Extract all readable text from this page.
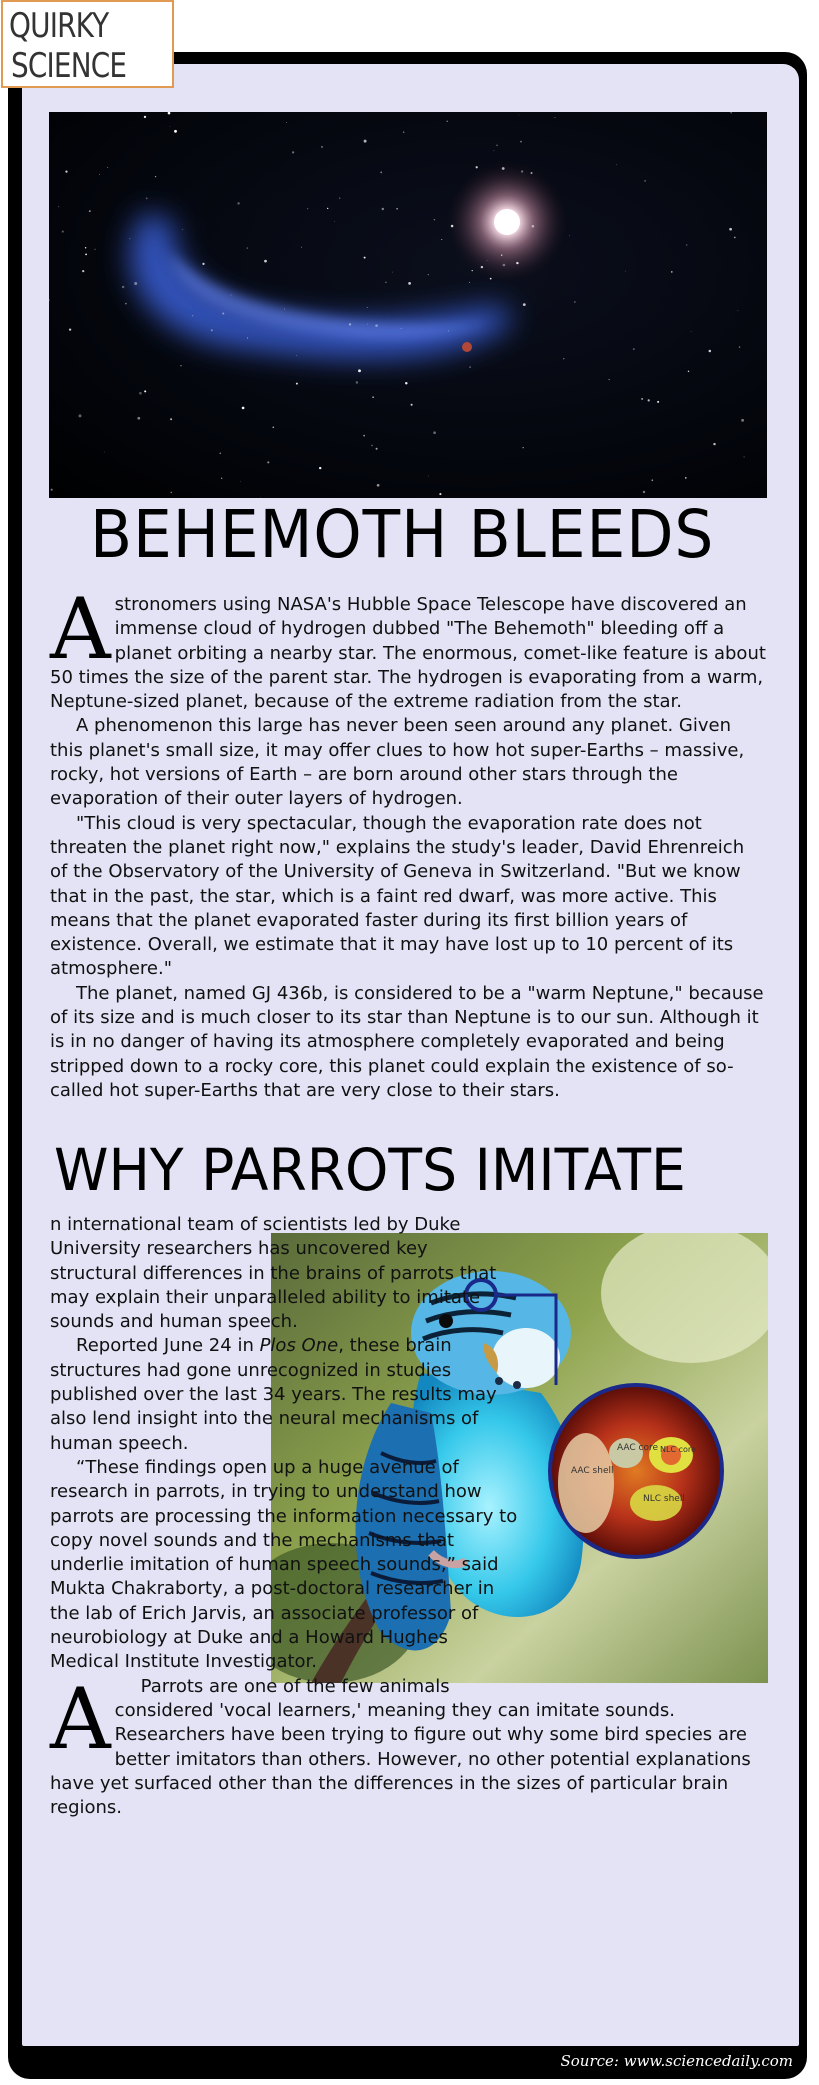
QUIRKY
SCIENCE
BEHEMOTH BLEEDS

Astronomers using NASA's Hubble Space Telescope have discovered an immense cloud of hydrogen dubbed "The Behemoth" bleeding off a planet orbiting a nearby star. The enormous, comet-like feature is about 50 times the size of the parent star. The hydrogen is evaporating from a warm, Neptune-sized planet, because of the extreme radiation from the star.

A phenomenon this large has never been seen around any planet. Given this planet's small size, it may offer clues to how hot super-Earths – massive, rocky, hot versions of Earth – are born around other stars through the evaporation of their outer layers of hydrogen.

"This cloud is very spectacular, though the evaporation rate does not threaten the planet right now," explains the study's leader, David Ehrenreich of the Observatory of the University of Geneva in Switzerland. "But we know that in the past, the star, which is a faint red dwarf, was more active. This means that the planet evaporated faster during its first billion years of existence. Overall, we estimate that it may have lost up to 10 percent of its atmosphere."

The planet, named GJ 436b, is considered to be a "warm Neptune," because of its size and is much closer to its star than Neptune is to our sun. Although it is in no danger of having its atmosphere completely evaporated and being stripped down to a rocky core, this planet could explain the existence of so-called hot super-Earths that are very close to their stars.

WHY PARROTS IMITATE
AAC core NLC core
AAC shell
NLC shell

A
n international team of scientists led by Duke University researchers has uncovered key structural differences in the brains of parrots that may explain their unparalleled ability to imitate sounds and human speech.

Reported June 24 in Plos One, these brain structures had gone unrecognized in studies published over the last 34 years. The results may also lend insight into the neural mechanisms of human speech.

“These findings open up a huge avenue of research in parrots, in trying to understand how parrots are processing the information necessary to copy novel sounds and the mechanisms that underlie imitation of human speech sounds,” said Mukta Chakraborty, a post-doctoral researcher in the lab of Erich Jarvis, an associate professor of neurobiology at Duke and a Howard Hughes Medical Institute Investigator.

Parrots are one of the few animals considered 'vocal learners,' meaning they can imitate sounds. Researchers have been trying to figure out why some bird species are better imitators than others. However, no other potential explanations have yet surfaced other than the differences in the sizes of particular brain regions.

Source: www.sciencedaily.com
